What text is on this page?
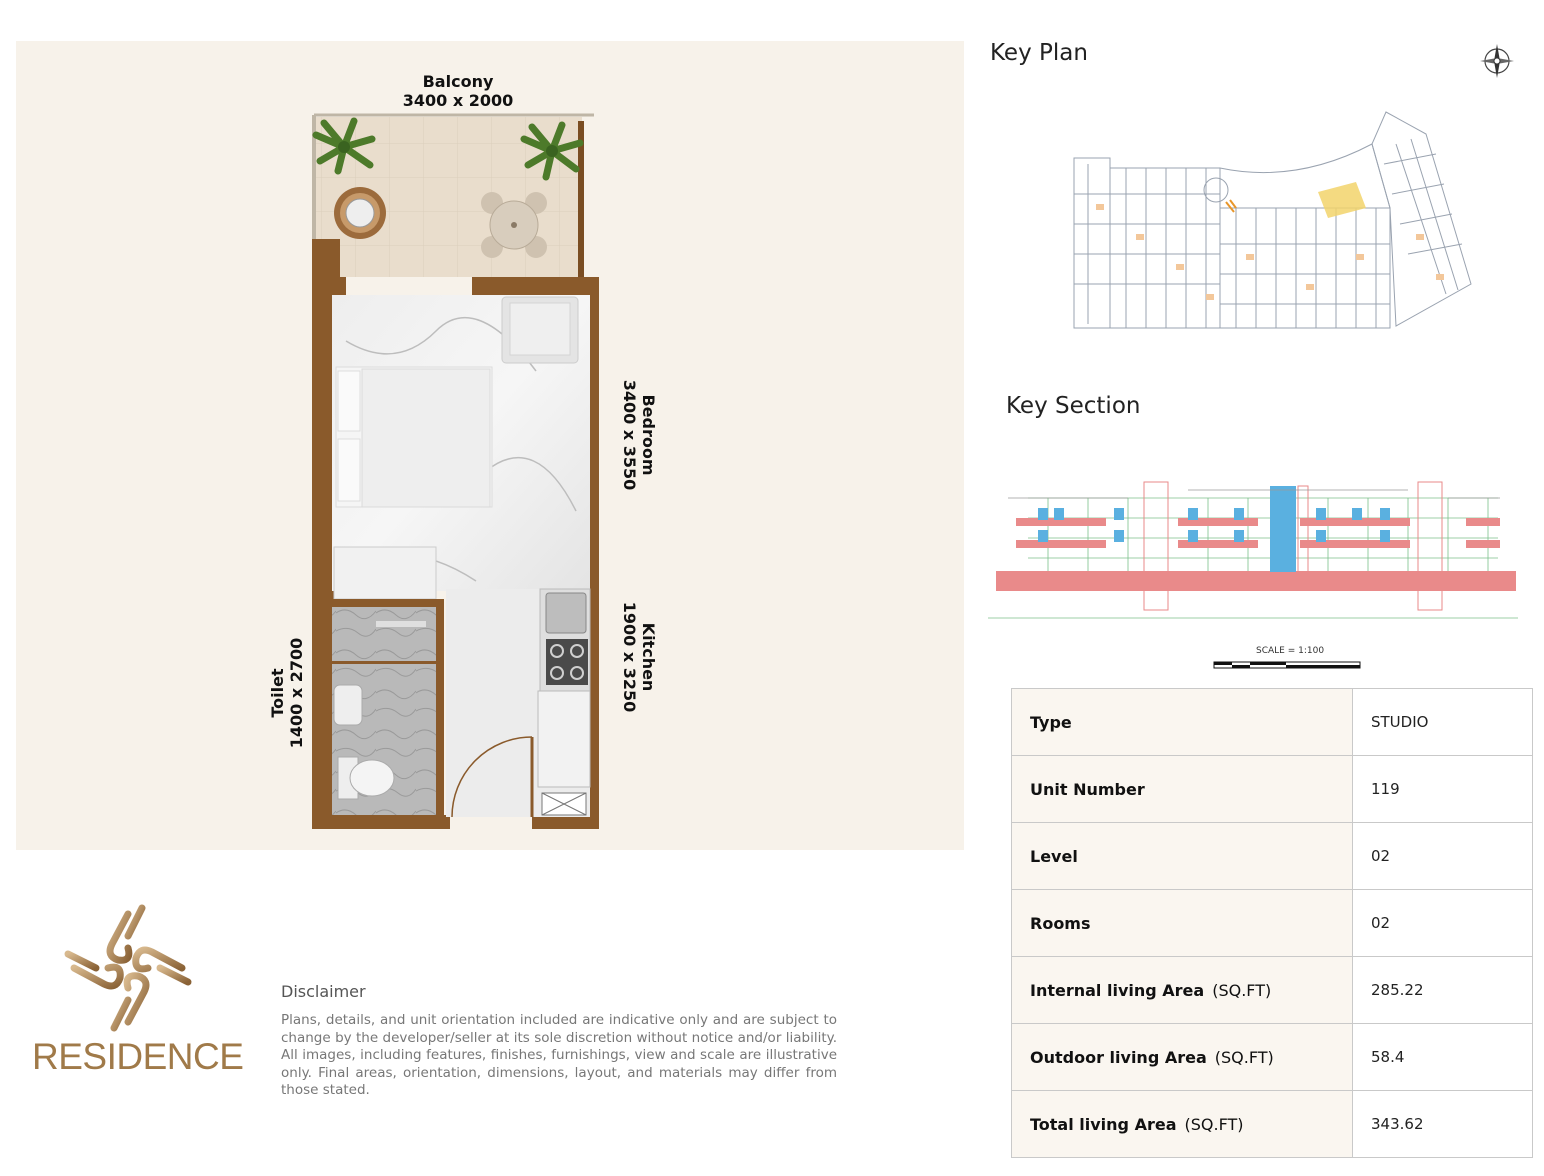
Balcony
3400 x 2000
Bedroom
3400 x 3550
Kitchen
1900 x 3250
Toilet 1400 x 2700
Key Plan
Key Section
SCALE = 1:100
Type	STUDIO
Unit Number	119
Level	02
Rooms	02
Internal living Area (SQ.FT)	285.22
Outdoor living Area (SQ.FT)	58.4
Total living Area (SQ.FT)	343.62
RESIDENCE
Disclaimer
Plans, details, and unit orientation included are indicative only and are subject to change by the developer/seller at its sole discretion without notice and/or liability. All images, including features, finishes, furnishings, view and scale are illustrative only. Final areas, orientation, dimensions, layout, and materials may differ from those stated.
